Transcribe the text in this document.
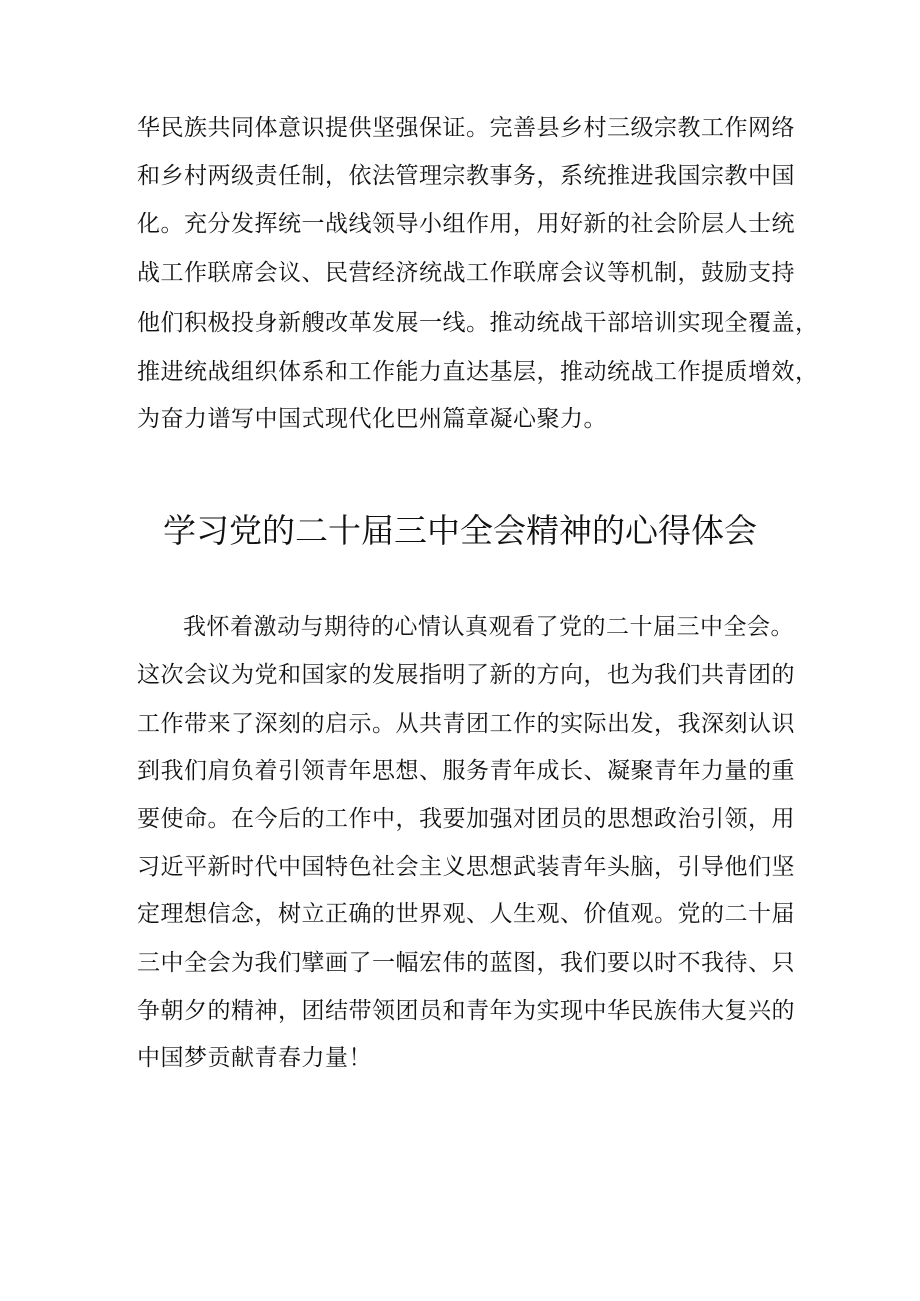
华民族共同体意识提供坚强保证。完善县乡村三级宗教工作网络
和乡村两级责任制，依法管理宗教事务，系统推进我国宗教中国
化。充分发挥统一战线领导小组作用，用好新的社会阶层人士统
战工作联席会议、民营经济统战工作联席会议等机制，鼓励支持
他们积极投身新艘改革发展一线。推动统战干部培训实现全覆盖，
推进统战组织体系和工作能力直达基层，推动统战工作提质增效，
为奋力谱写中国式现代化巴州篇章凝心聚力。
学习党的二十届三中全会精神的心得体会
我怀着激动与期待的心情认真观看了党的二十届三中全会。
这次会议为党和国家的发展指明了新的方向，也为我们共青团的
工作带来了深刻的启示。从共青团工作的实际出发，我深刻认识
到我们肩负着引领青年思想、服务青年成长、凝聚青年力量的重
要使命。在今后的工作中，我要加强对团员的思想政治引领，用
习近平新时代中国特色社会主义思想武装青年头脑，引导他们坚
定理想信念，树立正确的世界观、人生观、价值观。党的二十届
三中全会为我们擘画了一幅宏伟的蓝图，我们要以时不我待、只
争朝夕的精神，团结带领团员和青年为实现中华民族伟大复兴的
中国梦贡献青春力量！
